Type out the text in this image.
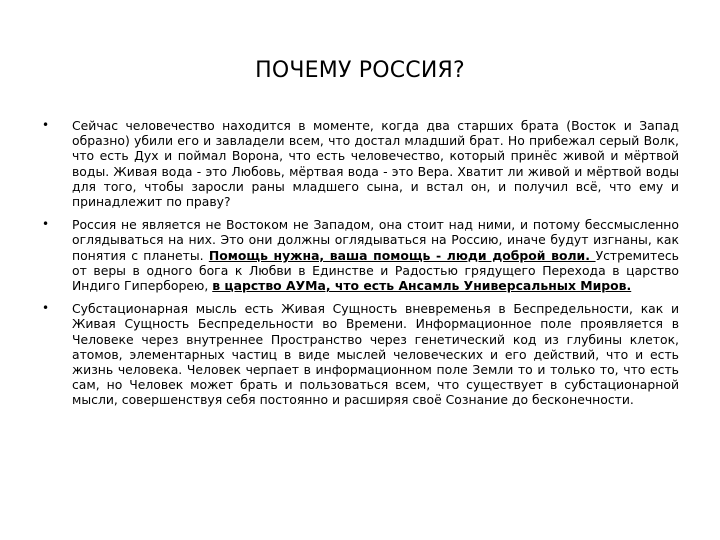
ПОЧЕМУ РОССИЯ?
•	Сейчас человечество находится в моменте, когда два старших брата (Восток и Запад образно) убили его и завладели всем, что достал младший брат. Но прибежал серый Волк, что есть Дух и поймал Ворона, что есть человечество, который принёс живой и мёртвой воды. Живая вода - это Любовь, мёртвая вода - это Вера. Хватит ли живой и мёртвой воды для того, чтобы заросли раны младшего сына, и встал он, и получил всё, что ему и принадлежит по праву?
•	Россия не является не Востоком не Западом, она стоит над ними, и потому бессмысленно оглядываться на них. Это они должны оглядываться на Россию, иначе будут изгнаны, как понятия с планеты. Помощь нужна, ваша помощь - люди доброй воли. Устремитесь от веры в одного бога к Любви в Единстве и Радостью грядущего Перехода в царство Индиго Гиперборею, в царство АУМа, что есть Ансамль Универсальных Миров.
•	Субстационарная мысль есть Живая Сущность вневременья в Беспредельности, как и Живая Сущность Беспредельности во Времени. Информационное поле проявляется в Человеке через внутреннее Пространство через генетический код из глубины клеток, атомов, элементарных частиц в виде мыслей человеческих и его действий, что и есть жизнь человека. Человек черпает в информационном поле Земли то и только то, что есть сам, но Человек может брать и пользоваться всем, что существует в субстационарной мысли, совершенствуя себя постоянно и расширяя своё Сознание до бесконечности.
